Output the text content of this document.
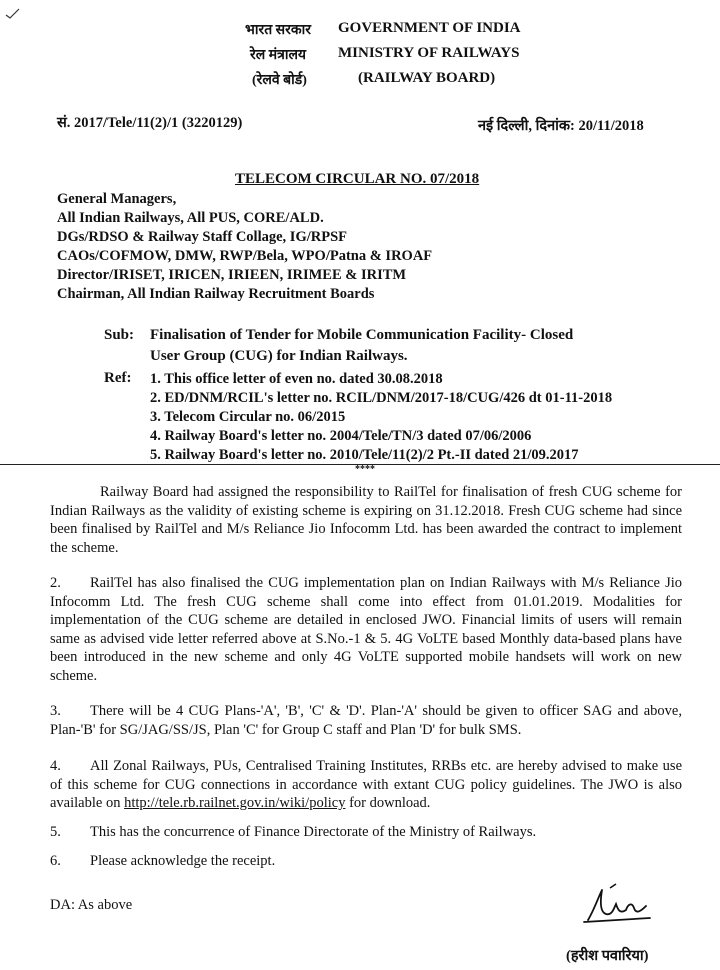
भारत सरकार
रेल मंत्रालय
(रेलवे बोर्ड)
GOVERNMENT OF INDIA
MINISTRY OF RAILWAYS
(RAILWAY BOARD)
सं. 2017/Tele/11(2)/1 (3220129)	नई दिल्ली, दिनांक: 20/11/2018
TELECOM CIRCULAR NO. 07/2018
General Managers,
All Indian Railways, All PUS, CORE/ALD.
DGs/RDSO & Railway Staff Collage, IG/RPSF
CAOs/COFMOW, DMW, RWP/Bela, WPO/Patna & IROAF
Director/IRISET, IRICEN, IRIEEN, IRIMEE & IRITM
Chairman, All Indian Railway Recruitment Boards
Sub: Finalisation of Tender for Mobile Communication Facility- Closed
User Group (CUG) for Indian Railways.
Ref: 1. This office letter of even no. dated 30.08.2018
2. ED/DNM/RCIL's letter no. RCIL/DNM/2017-18/CUG/426 dt 01-11-2018
3. Telecom Circular no. 06/2015
4. Railway Board's letter no. 2004/Tele/TN/3 dated 07/06/2006
5. Railway Board's letter no. 2010/Tele/11(2)/2 Pt.-II dated 21/09.2017
****
Railway Board had assigned the responsibility to RailTel for finalisation of fresh CUG scheme for Indian Railways as the validity of existing scheme is expiring on 31.12.2018. Fresh CUG scheme had since been finalised by RailTel and M/s Reliance Jio Infocomm Ltd. has been awarded the contract to implement the scheme.
2. RailTel has also finalised the CUG implementation plan on Indian Railways with M/s Reliance Jio Infocomm Ltd. The fresh CUG scheme shall come into effect from 01.01.2019. Modalities for implementation of the CUG scheme are detailed in enclosed JWO. Financial limits of users will remain same as advised vide letter referred above at S.No.-1 & 5. 4G VoLTE based Monthly data-based plans have been introduced in the new scheme and only 4G VoLTE supported mobile handsets will work on new scheme.
3. There will be 4 CUG Plans-'A', 'B', 'C' & 'D'. Plan-'A' should be given to officer SAG and above, Plan-'B' for SG/JAG/SS/JS, Plan 'C' for Group C staff and Plan 'D' for bulk SMS.
4. All Zonal Railways, PUs, Centralised Training Institutes, RRBs etc. are hereby advised to make use of this scheme for CUG connections in accordance with extant CUG policy guidelines. The JWO is also available on http://tele.rb.railnet.gov.in/wiki/policy for download.
5. This has the concurrence of Finance Directorate of the Ministry of Railways.
6. Please acknowledge the receipt.
DA: As above
(हरीश पवारिया)
